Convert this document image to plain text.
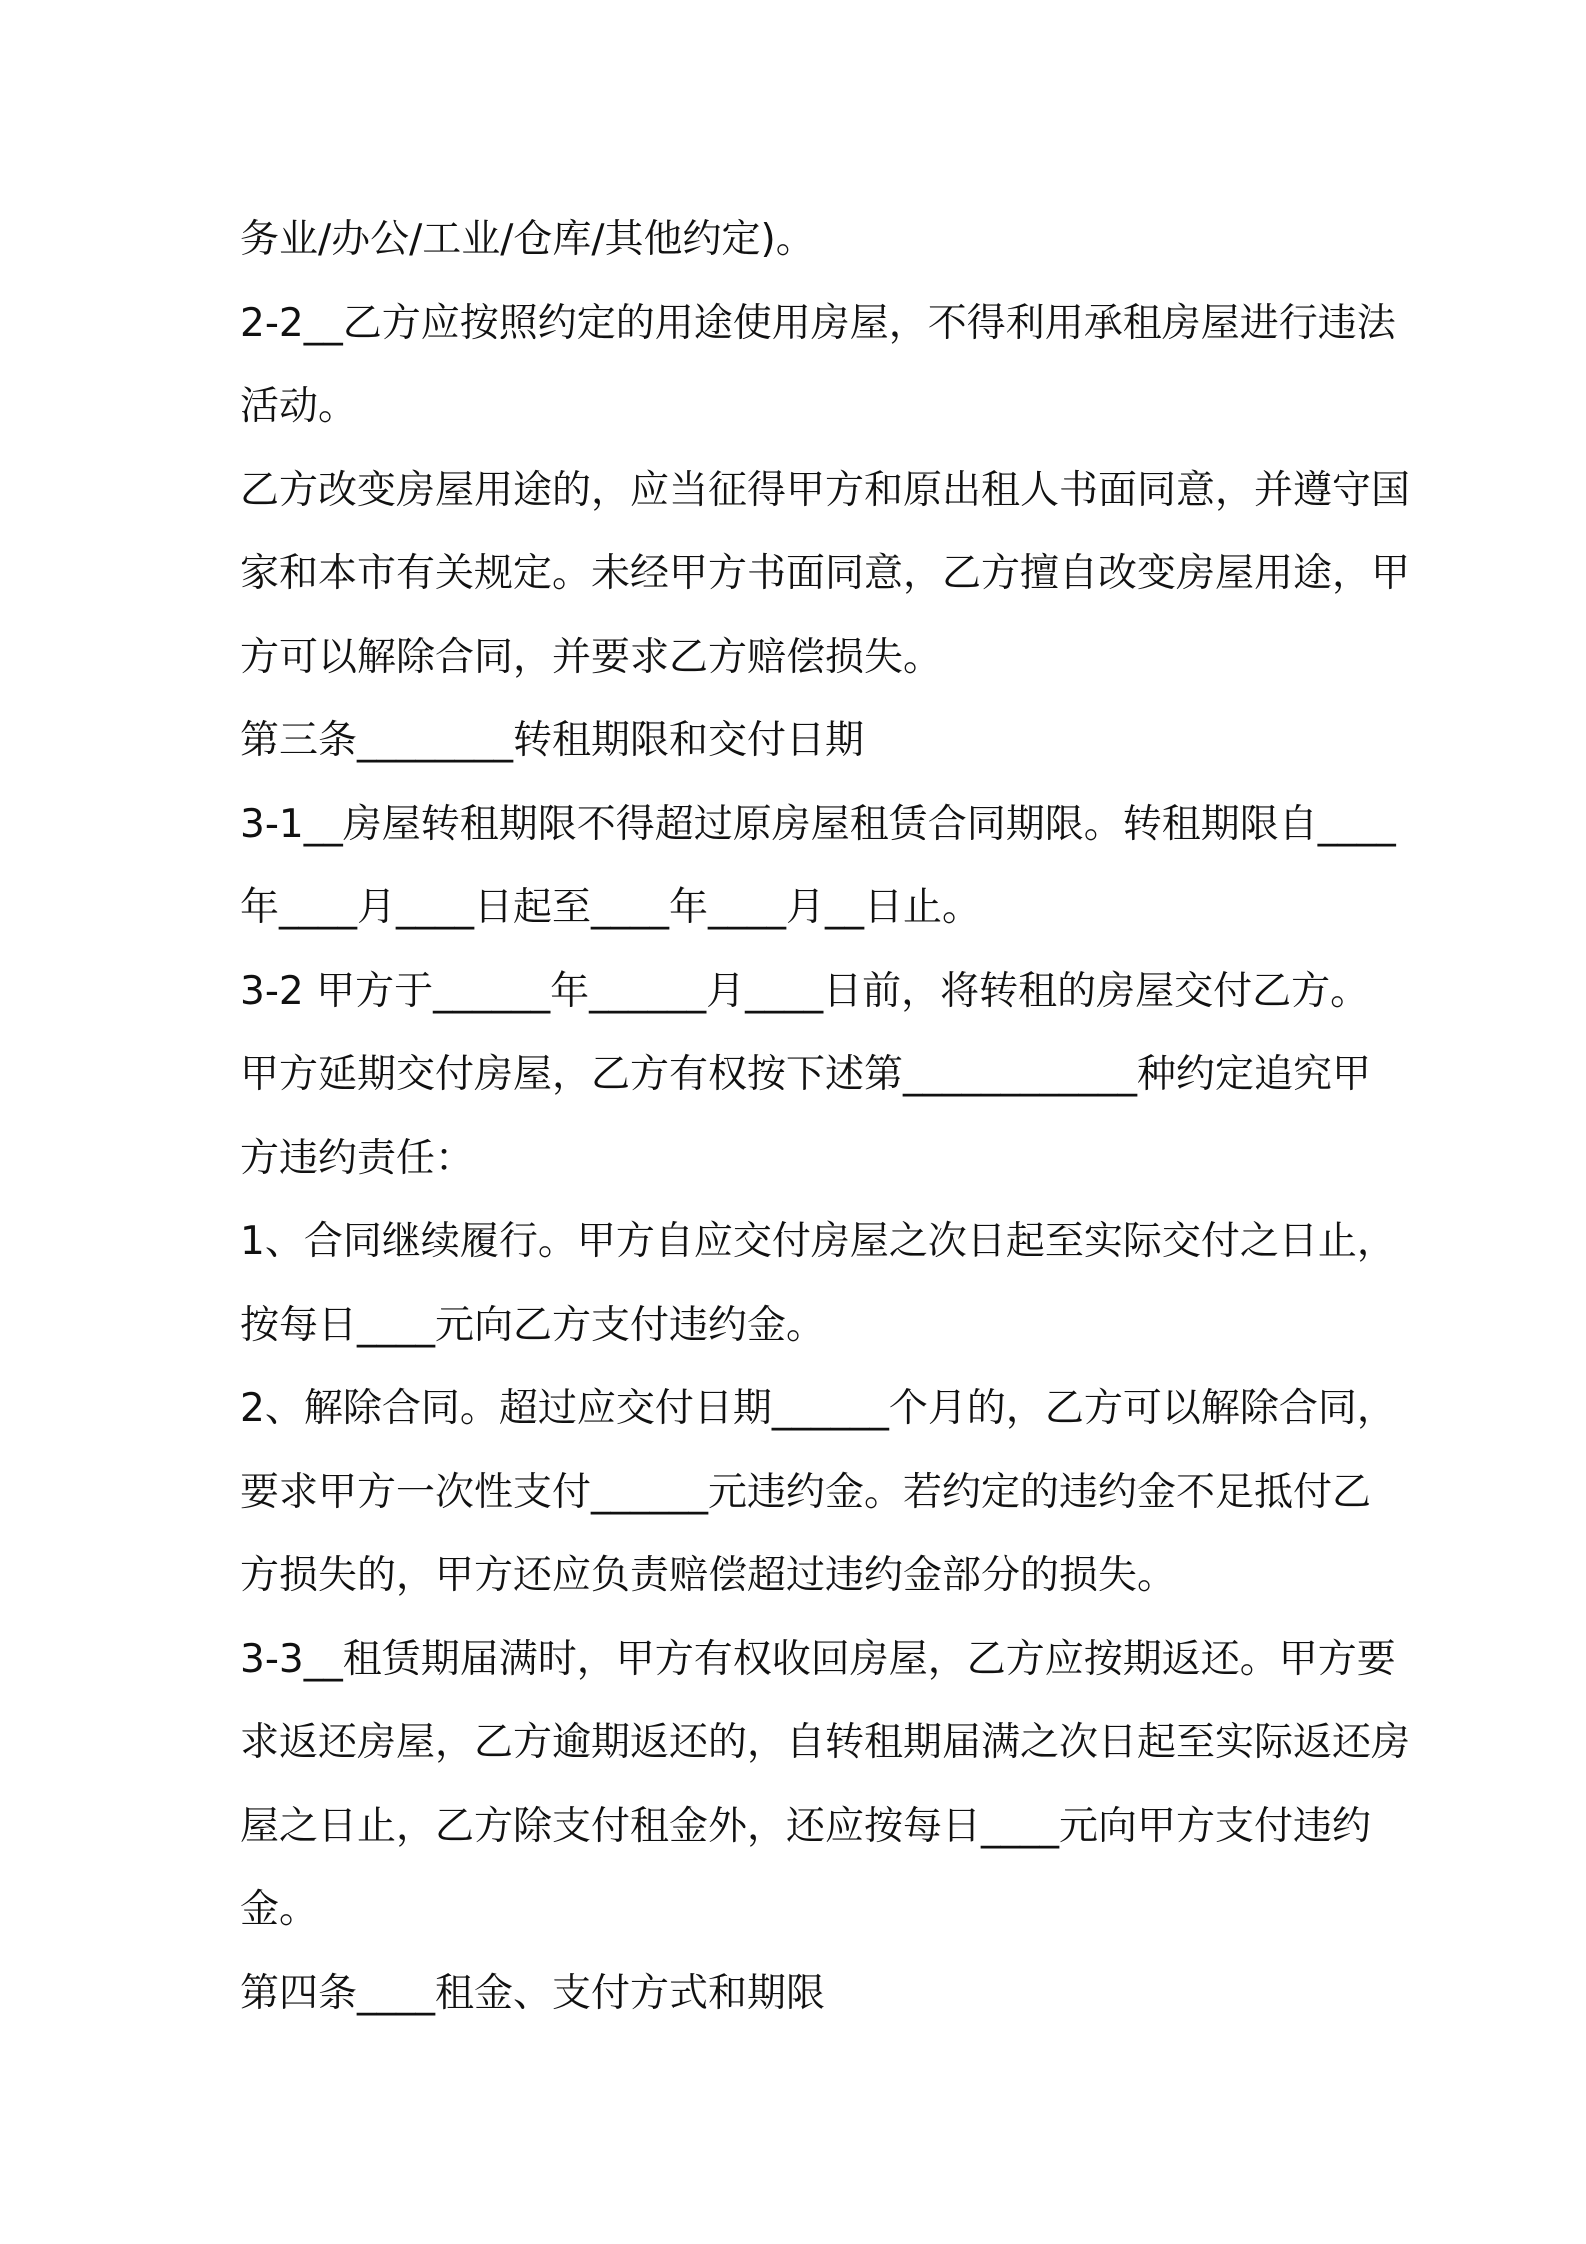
务业/办公/工业/仓库/其他约定)。
2-2__乙方应按照约定的用途使用房屋，不得利用承租房屋进行违法
活动。
乙方改变房屋用途的，应当征得甲方和原出租人书面同意，并遵守国
家和本市有关规定。未经甲方书面同意，乙方擅自改变房屋用途，甲
方可以解除合同，并要求乙方赔偿损失。
第三条________转租期限和交付日期
3-1__房屋转租期限不得超过原房屋租赁合同期限。转租期限自____
年____月____日起至____年____月__日止。
3-2 甲方于______年______月____日前，将转租的房屋交付乙方。
甲方延期交付房屋，乙方有权按下述第____________种约定追究甲
方违约责任：
1、合同继续履行。甲方自应交付房屋之次日起至实际交付之日止，
按每日____元向乙方支付违约金。
2、解除合同。超过应交付日期______个月的，乙方可以解除合同，
要求甲方一次性支付______元违约金。若约定的违约金不足抵付乙
方损失的，甲方还应负责赔偿超过违约金部分的损失。
3-3__租赁期届满时，甲方有权收回房屋，乙方应按期返还。甲方要
求返还房屋，乙方逾期返还的，自转租期届满之次日起至实际返还房
屋之日止，乙方除支付租金外，还应按每日____元向甲方支付违约
金。
第四条____租金、支付方式和期限
